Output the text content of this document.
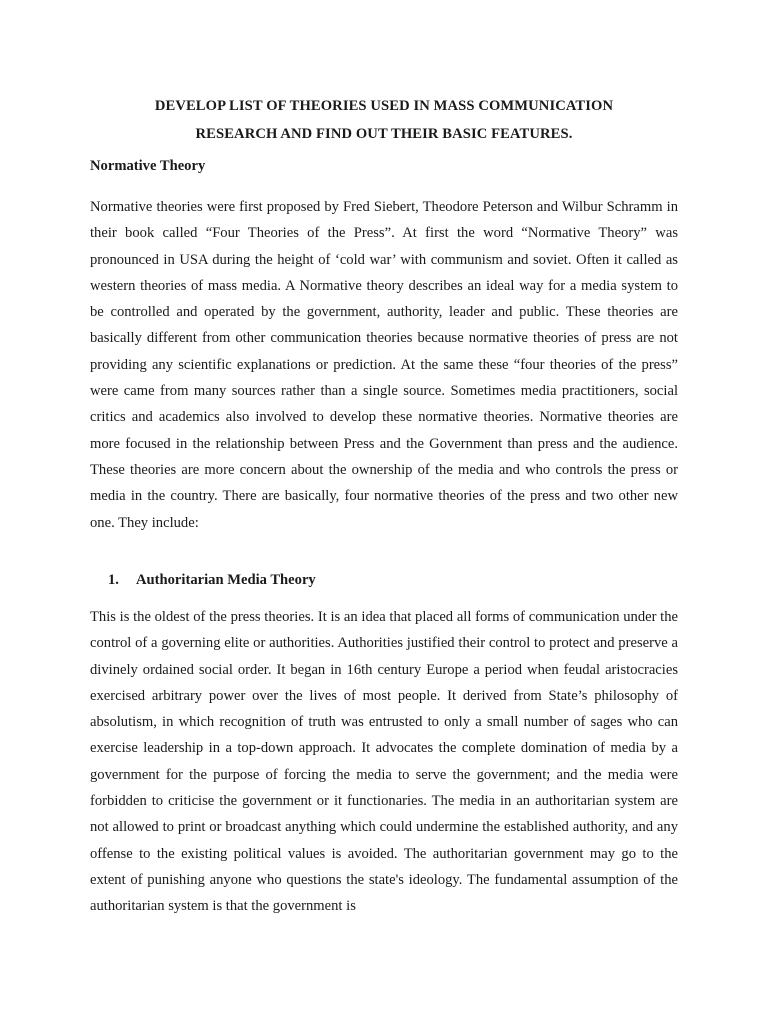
DEVELOP LIST OF THEORIES USED IN MASS COMMUNICATION
RESEARCH AND FIND OUT THEIR BASIC FEATURES.
Normative Theory
Normative theories were first proposed by Fred Siebert, Theodore Peterson and Wilbur Schramm in their book called “Four Theories of the Press”. At first the word “Normative Theory” was pronounced in USA during the height of ‘cold war’ with communism and soviet. Often it called as western theories of mass media. A Normative theory describes an ideal way for a media system to be controlled and operated by the government, authority, leader and public. These theories are basically different from other communication theories because normative theories of press are not providing any scientific explanations or prediction. At the same these “four theories of the press” were came from many sources rather than a single source. Sometimes media practitioners, social critics and academics also involved to develop these normative theories. Normative theories are more focused in the relationship between Press and the Government than press and the audience. These theories are more concern about the ownership of the media and who controls the press or media in the country. There are basically, four normative theories of the press and two other new one. They include:
1. Authoritarian Media Theory
This is the oldest of the press theories. It is an idea that placed all forms of communication under the control of a governing elite or authorities. Authorities justified their control to protect and preserve a divinely ordained social order. It began in 16th century Europe a period when feudal aristocracies exercised arbitrary power over the lives of most people. It derived from State’s philosophy of absolutism, in which recognition of truth was entrusted to only a small number of sages who can exercise leadership in a top-down approach. It advocates the complete domination of media by a government for the purpose of forcing the media to serve the government; and the media were forbidden to criticise the government or it functionaries. The media in an authoritarian system are not allowed to print or broadcast anything which could undermine the established authority, and any offense to the existing political values is avoided. The authoritarian government may go to the extent of punishing anyone who questions the state's ideology. The fundamental assumption of the authoritarian system is that the government is
